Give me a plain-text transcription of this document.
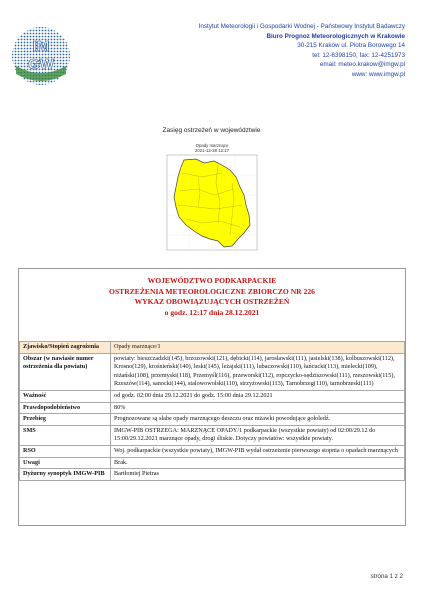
IM
GW
Instytut Meteorologii i Gospodarki Wodnej - Państwowy Instytut Badawczy
Biuro Prognoz Meteorologicznych w Krakowie
30-215 Kraków ul. Piotra Borowego 14
tel: 12-6398150, fax: 12-4251973
email: meteo.krakow@imgw.pl
www: www.imgw.pl
Zasięg ostrzeżeń w województwie
Opady marznące
2021-12-28 12:17
WOJEWÓDZTWO PODKARPACKIE
OSTRZEŻENIA METEOROLOGICZNE ZBIORCZO NR 226
WYKAZ OBOWIĄZUJĄCYCH OSTRZEŻEŃ
o godz. 12:17 dnia 28.12.2021
Zjawisko/Stopień zagrożenia	Opady marznące/1
Obszar (w nawiasie numer ostrzeżenia dla powiatu)	powiaty: bieszczadzki(145), brzozowski(121), dębicki(114), jarosławski(111), jasielski(138), kolbuszowski(112), Krosno(129), krośnieński(140), leski(145), leżajski(111), lubaczowski(110), łańcucki(113), mielecki(109), niżański(108), przemyski(118), Przemyśl(116), przeworski(112), ropczycko-sędziszowski(111), rzeszowski(115), Rzeszów(114), sanocki(144), stalowowolski(110), strzyżowski(113), Tarnobrzeg(110), tarnobrzeski(111)
Ważność	od godz. 02:00 dnia 29.12.2021 do godz. 15:00 dnia 29.12.2021
Prawdopodobieństwo	80%
Przebieg	Prognozowane są słabe opady marznącego deszczu oraz mżawki powodujące gołoledź.
SMS	IMGW-PIB OSTRZEGA: MARZNĄCE OPADY/1 podkarpackie (wszystkie powiaty) od 02:00/29.12 do 15:00/29.12.2021 marznące opady, drogi śliskie. Dotyczy powiatów: wszystkie powiaty.
RSO	Woj. podkarpackie (wszystkie powiaty), IMGW-PIB wydał ostrzeżenie pierwszego stopnia o opadach marznących
Uwagi	Brak.
Dyżurny synoptyk IMGW-PIB	Bartłomiej Pietras
strona 1 z 2
